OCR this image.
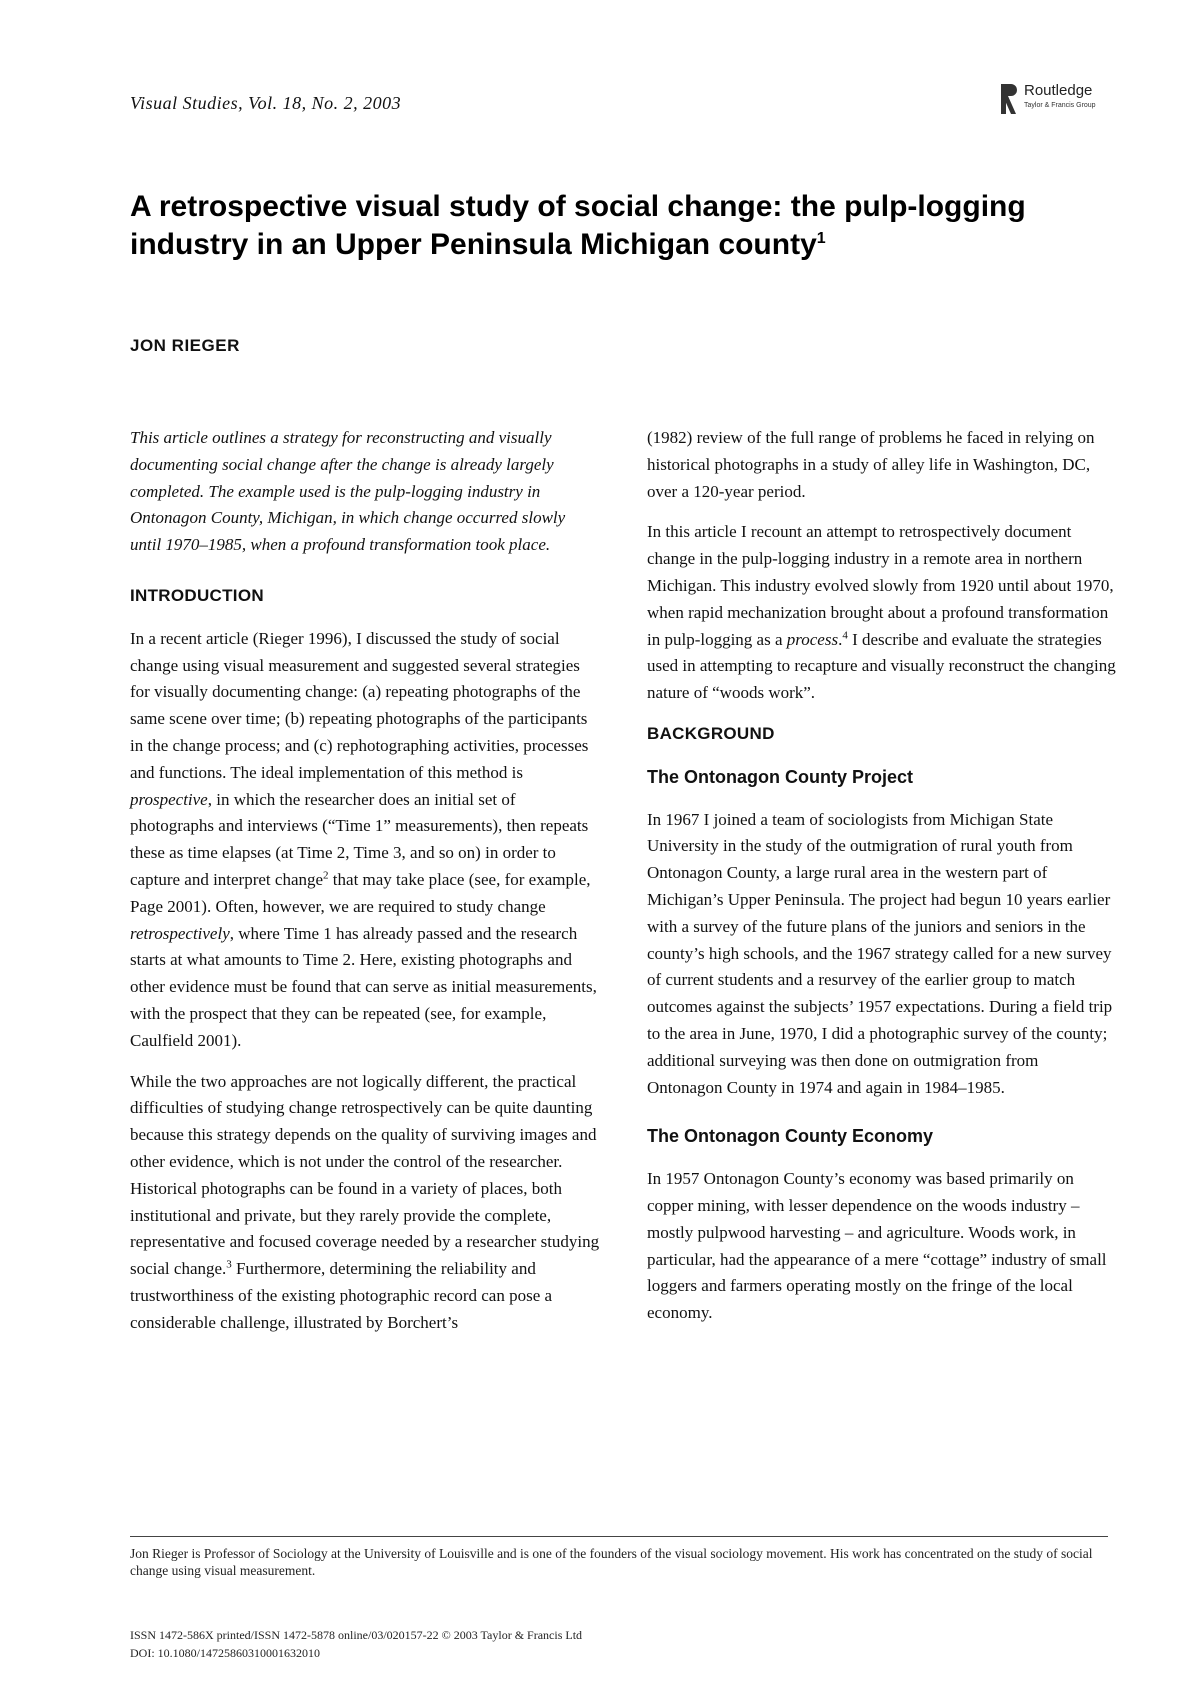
Visual Studies, Vol. 18, No. 2, 2003
Routledge
Taylor & Francis Group
A retrospective visual study of social change: the pulp-logging industry in an Upper Peninsula Michigan county$^1$
JON RIEGER

This article outlines a strategy for reconstructing and visually documenting social change after the change is already largely completed. The example used is the pulp-logging industry in Ontonagon County, Michigan, in which change occurred slowly until 1970–1985, when a profound transformation took place.

INTRODUCTION

In a recent article (Rieger 1996), I discussed the study of social change using visual measurement and suggested several strategies for visually documenting change: (a) repeating photographs of the same scene over time; (b) repeating photographs of the participants in the change process; and (c) rephotographing activities, processes and functions. The ideal implementation of this method is prospective, in which the researcher does an initial set of photographs and interviews (“Time 1” measurements), then repeats these as time elapses (at Time 2, Time 3, and so on) in order to capture and interpret change$^2$ that may take place (see, for example, Page 2001). Often, however, we are required to study change retrospectively, where Time 1 has already passed and the research starts at what amounts to Time 2. Here, existing photographs and other evidence must be found that can serve as initial measurements, with the prospect that they can be repeated (see, for example, Caulfield 2001).

While the two approaches are not logically different, the practical difficulties of studying change retrospectively can be quite daunting because this strategy depends on the quality of surviving images and other evidence, which is not under the control of the researcher. Historical photographs can be found in a variety of places, both institutional and private, but they rarely provide the complete, representative and focused coverage needed by a researcher studying social change.$^3$ Furthermore, determining the reliability and trustworthiness of the existing photographic record can pose a considerable challenge, illustrated by Borchert’s

(1982) review of the full range of problems he faced in relying on historical photographs in a study of alley life in Washington, DC, over a 120-year period.

In this article I recount an attempt to retrospectively document change in the pulp-logging industry in a remote area in northern Michigan. This industry evolved slowly from 1920 until about 1970, when rapid mechanization brought about a profound transformation in pulp-logging as a process.$^4$ I describe and evaluate the strategies used in attempting to recapture and visually reconstruct the changing nature of “woods work”.

BACKGROUND
The Ontonagon County Project

In 1967 I joined a team of sociologists from Michigan State University in the study of the outmigration of rural youth from Ontonagon County, a large rural area in the western part of Michigan’s Upper Peninsula. The project had begun 10 years earlier with a survey of the future plans of the juniors and seniors in the county’s high schools, and the 1967 strategy called for a new survey of current students and a resurvey of the earlier group to match outcomes against the subjects’ 1957 expectations. During a field trip to the area in June, 1970, I did a photographic survey of the county; additional surveying was then done on outmigration from Ontonagon County in 1974 and again in 1984–1985.

The Ontonagon County Economy

In 1957 Ontonagon County’s economy was based primarily on copper mining, with lesser dependence on the woods industry – mostly pulpwood harvesting – and agriculture. Woods work, in particular, had the appearance of a mere “cottage” industry of small loggers and farmers operating mostly on the fringe of the local economy.

Jon Rieger is Professor of Sociology at the University of Louisville and is one of the founders of the visual sociology movement. His work has concentrated on the study of social change using visual measurement.
ISSN 1472-586X printed/ISSN 1472-5878 online/03/020157-22 © 2003 Taylor & Francis Ltd
DOI: 10.1080/14725860310001632010
